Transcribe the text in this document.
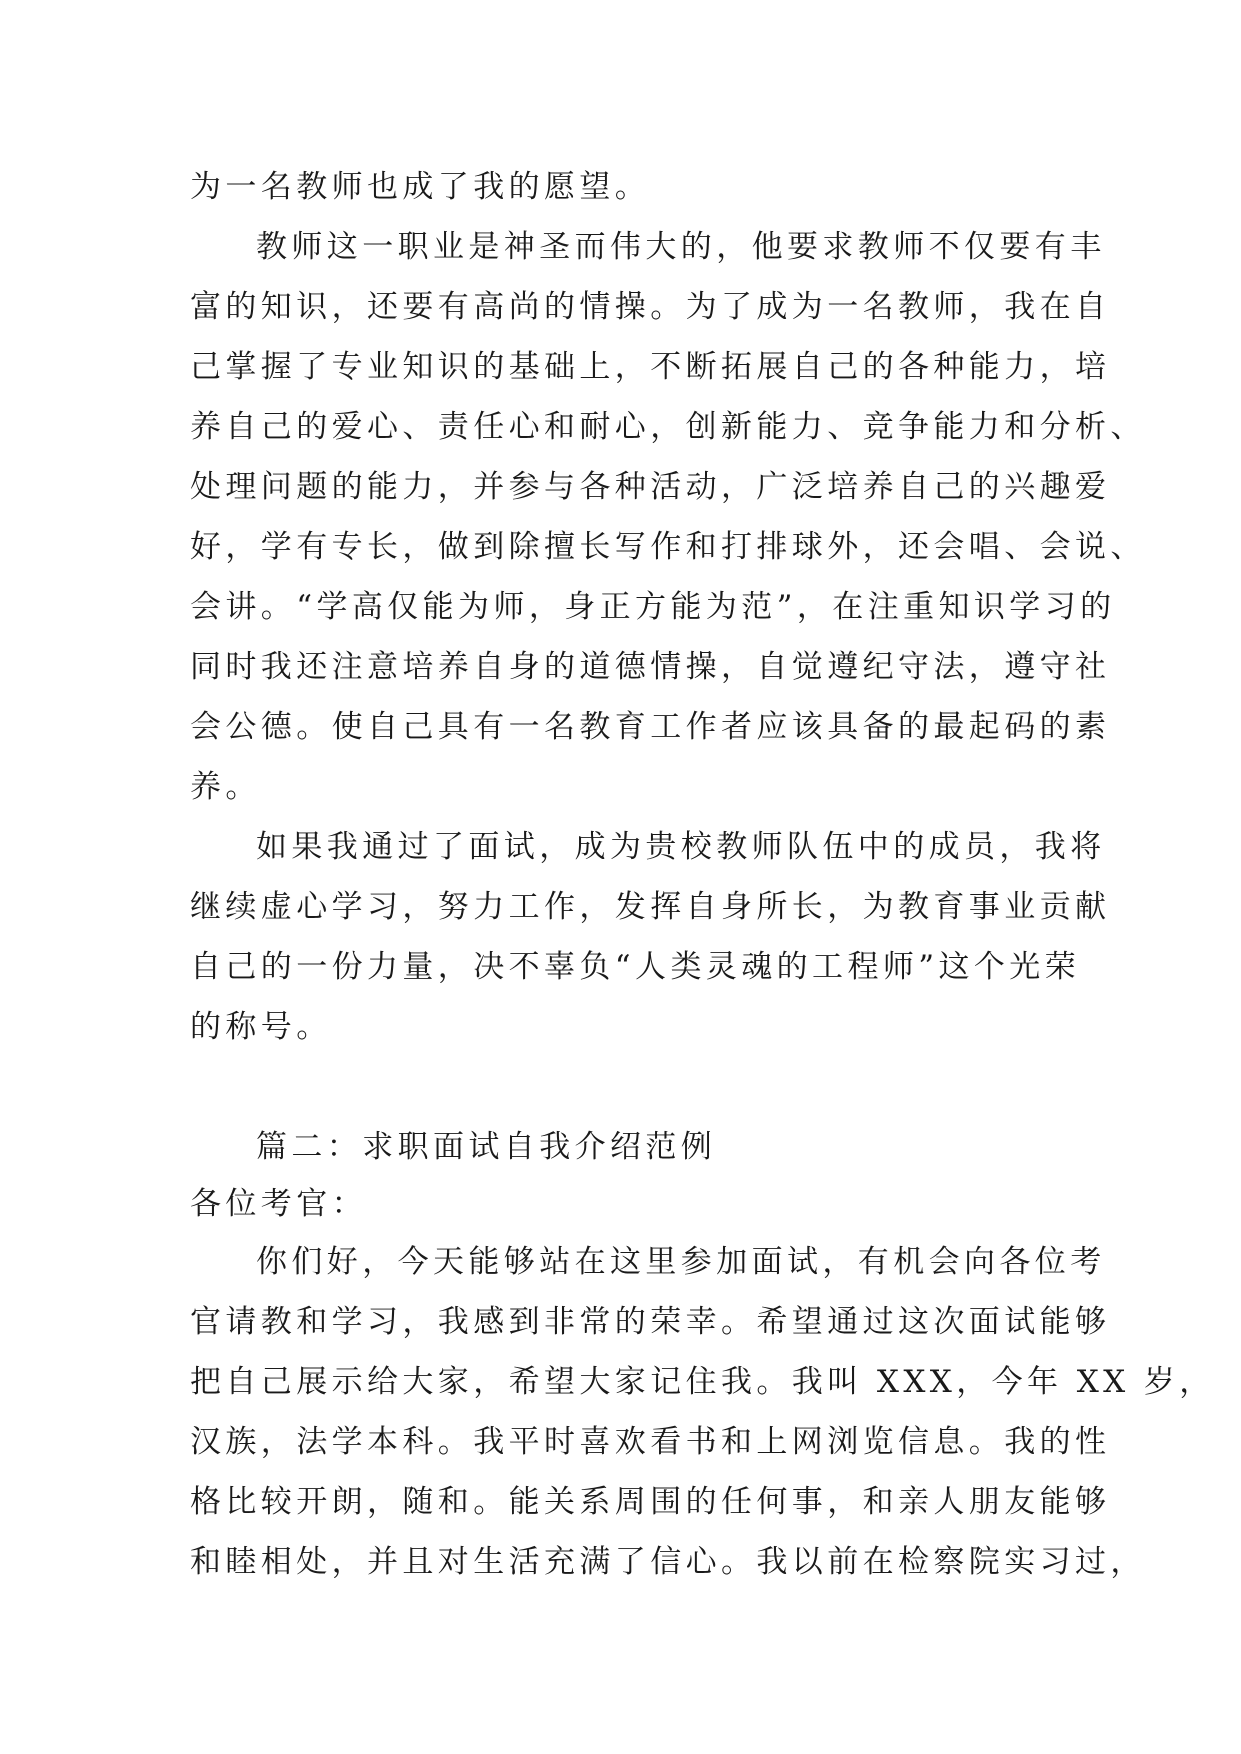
为一名教师也成了我的愿望。

教师这一职业是神圣而伟大的，他要求教师不仅要有丰
富的知识，还要有高尚的情操。为了成为一名教师，我在自
己掌握了专业知识的基础上，不断拓展自己的各种能力，培
养自己的爱心、责任心和耐心，创新能力、竞争能力和分析、
处理问题的能力，并参与各种活动，广泛培养自己的兴趣爱
好，学有专长，做到除擅长写作和打排球外，还会唱、会说、
会讲。“学高仅能为师，身正方能为范”，在注重知识学习的
同时我还注意培养自身的道德情操，自觉遵纪守法，遵守社
会公德。使自己具有一名教育工作者应该具备的最起码的素
养。

如果我通过了面试，成为贵校教师队伍中的成员，我将
继续虚心学习，努力工作，发挥自身所长，为教育事业贡献
自己的一份力量，决不辜负“人类灵魂的工程师”这个光荣
的称号。

篇二：求职面试自我介绍范例

各位考官：

你们好，今天能够站在这里参加面试，有机会向各位考
官请教和学习，我感到非常的荣幸。希望通过这次面试能够
把自己展示给大家，希望大家记住我。我叫 XXX，今年 XX 岁，
汉族，法学本科。我平时喜欢看书和上网浏览信息。我的性
格比较开朗，随和。能关系周围的任何事，和亲人朋友能够
和睦相处，并且对生活充满了信心。我以前在检察院实习过，
